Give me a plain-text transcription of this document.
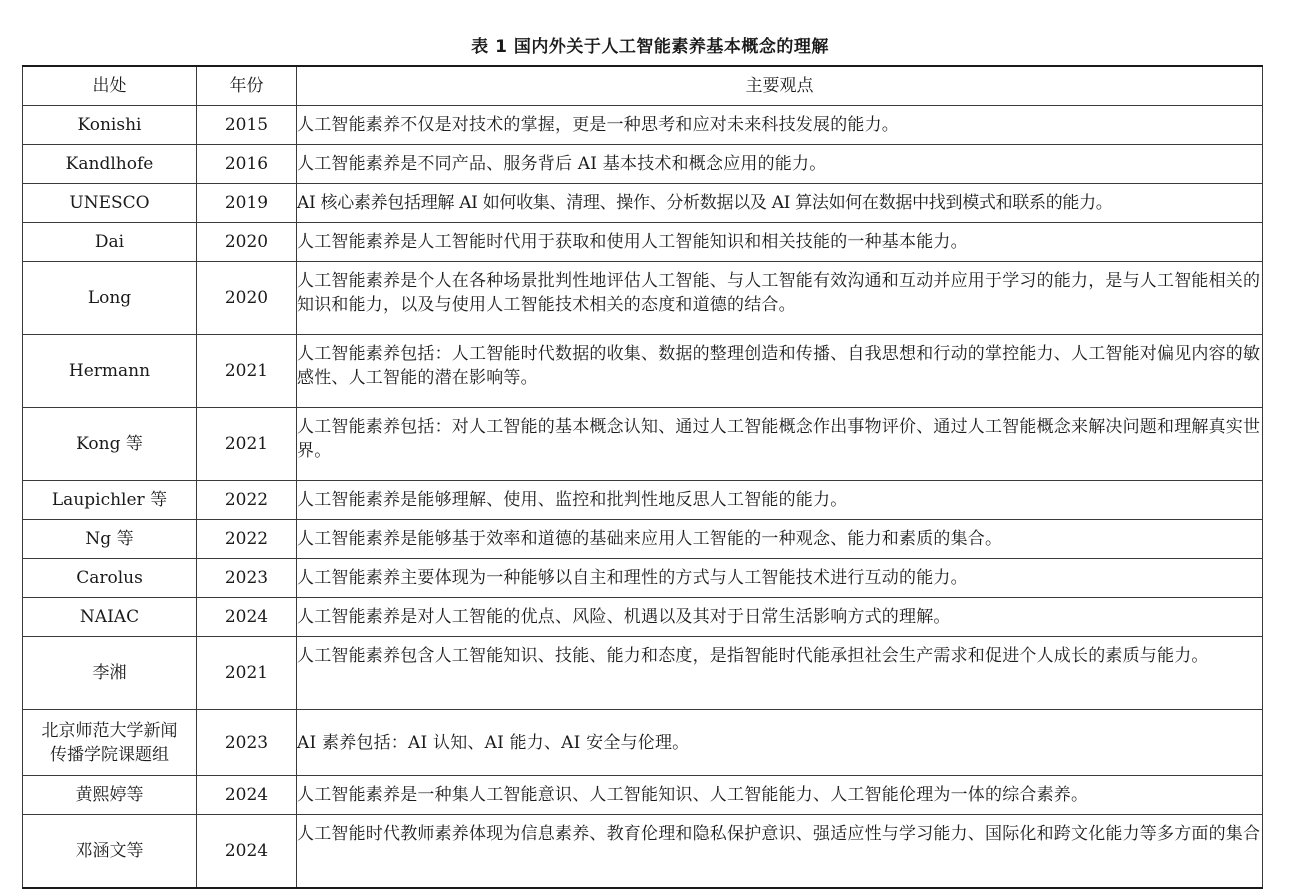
表 1 国内外关于人工智能素养基本概念的理解
出处	年份	主要观点
Konishi	2015	人工智能素养不仅是对技术的掌握，更是一种思考和应对未来科技发展的能力。
Kandlhofe	2016	人工智能素养是不同产品、服务背后 AI 基本技术和概念应用的能力。
UNESCO	2019	AI 核心素养包括理解 AI 如何收集、清理、操作、分析数据以及 AI 算法如何在数据中找到模式和联系的能力。
Dai	2020	人工智能素养是人工智能时代用于获取和使用人工智能知识和相关技能的一种基本能力。
Long	2020	人工智能素养是个人在各种场景批判性地评估人工智能、与人工智能有效沟通和互动并应用于学习的能力，是与人工智能相关的知识和能力，以及与使用人工智能技术相关的态度和道德的结合。
Hermann	2021	人工智能素养包括：人工智能时代数据的收集、数据的整理创造和传播、自我思想和行动的掌控能力、人工智能对偏见内容的敏感性、人工智能的潜在影响等。
Kong 等	2021	人工智能素养包括：对人工智能的基本概念认知、通过人工智能概念作出事物评价、通过人工智能概念来解决问题和理解真实世界。
Laupichler 等	2022	人工智能素养是能够理解、使用、监控和批判性地反思人工智能的能力。
Ng 等	2022	人工智能素养是能够基于效率和道德的基础来应用人工智能的一种观念、能力和素质的集合。
Carolus	2023	人工智能素养主要体现为一种能够以自主和理性的方式与人工智能技术进行互动的能力。
NAIAC	2024	人工智能素养是对人工智能的优点、风险、机遇以及其对于日常生活影响方式的理解。
李湘	2021	人工智能素养包含人工智能知识、技能、能力和态度，是指智能时代能承担社会生产需求和促进个人成长的素质与能力。
北京师范大学新闻传播学院课题组	2023	AI 素养包括：AI 认知、AI 能力、AI 安全与伦理。
黄熙婷等	2024	人工智能素养是一种集人工智能意识、人工智能知识、人工智能能力、人工智能伦理为一体的综合素养。
邓涵文等	2024	人工智能时代教师素养体现为信息素养、教育伦理和隐私保护意识、强适应性与学习能力、国际化和跨文化能力等多方面的集合
